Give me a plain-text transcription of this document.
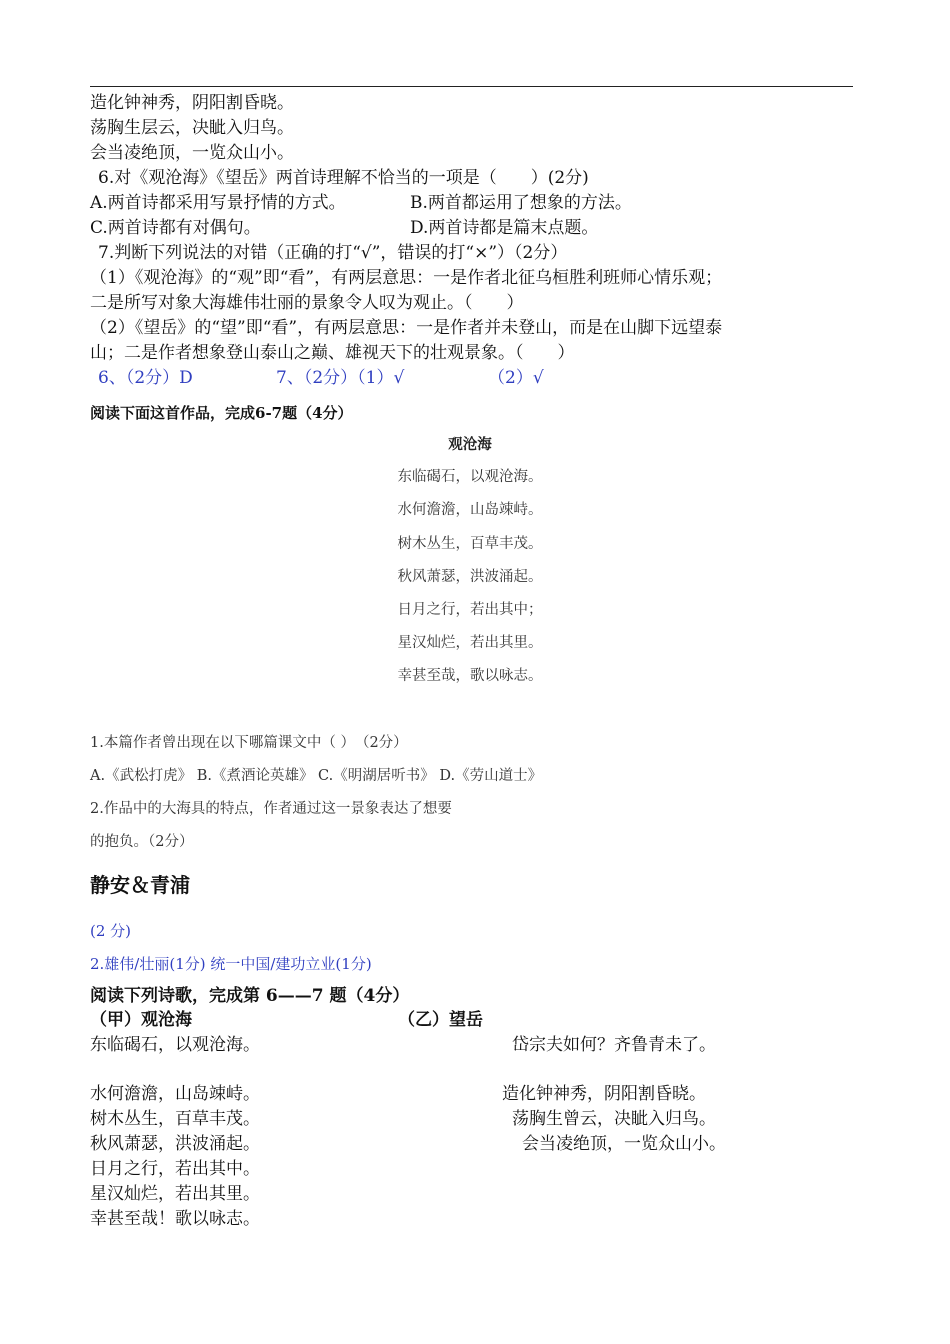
造化钟神秀，阴阳割昏晓。
荡胸生层云，决眦入归鸟。
会当凌绝顶，一览众山小。
6.对《观沧海》《望岳》两首诗理解不恰当的一项是（　　）(2分)
A.两首诗都采用写景抒情的方式。	B.两首都运用了想象的方法。
C.两首诗都有对偶句。	D.两首诗都是篇末点题。
7.判断下列说法的对错（正确的打“√”，错误的打“×”）（2分）
（1）《观沧海》的“观”即“看”，有两层意思：一是作者北征乌桓胜利班师心情乐观；
二是所写对象大海雄伟壮丽的景象令人叹为观止。（　　）
（2）《望岳》的“望”即“看”，有两层意思：一是作者并未登山，而是在山脚下远望泰
山；二是作者想象登山泰山之巅、雄视天下的壮观景象。（　　）
6、（2分）D	7、（2分）（1）√	（2）√
阅读下面这首作品，完成6-7题（4分）
观沧海
东临碣石，以观沧海。
水何澹澹，山岛竦峙。
树木丛生，百草丰茂。
秋风萧瑟，洪波涌起。
日月之行，若出其中；
星汉灿烂，若出其里。
幸甚至哉，歌以咏志。
1.本篇作者曾出现在以下哪篇课文中（ ）　（2分）
A.《武松打虎》 B.《煮酒论英雄》 C.《明湖居听书》 D.《劳山道士》
2.作品中的大海具的特点，作者通过这一景象表达了想要
的抱负。（2分）
静安＆青浦
(2 分)
2.雄伟/壮丽(1分) 统一中国/建功立业(1分)
阅读下列诗歌，完成第 6——7 题（4分）
（甲）观沧海	（乙）望岳
东临碣石，以观沧海。
水何澹澹，山岛竦峙。
树木丛生，百草丰茂。
秋风萧瑟，洪波涌起。
日月之行，若出其中。
星汉灿烂，若出其里。
幸甚至哉！歌以咏志。
岱宗夫如何？齐鲁青未了。
造化钟神秀，阴阳割昏晓。
荡胸生曾云，决眦入归鸟。
会当凌绝顶，一览众山小。
